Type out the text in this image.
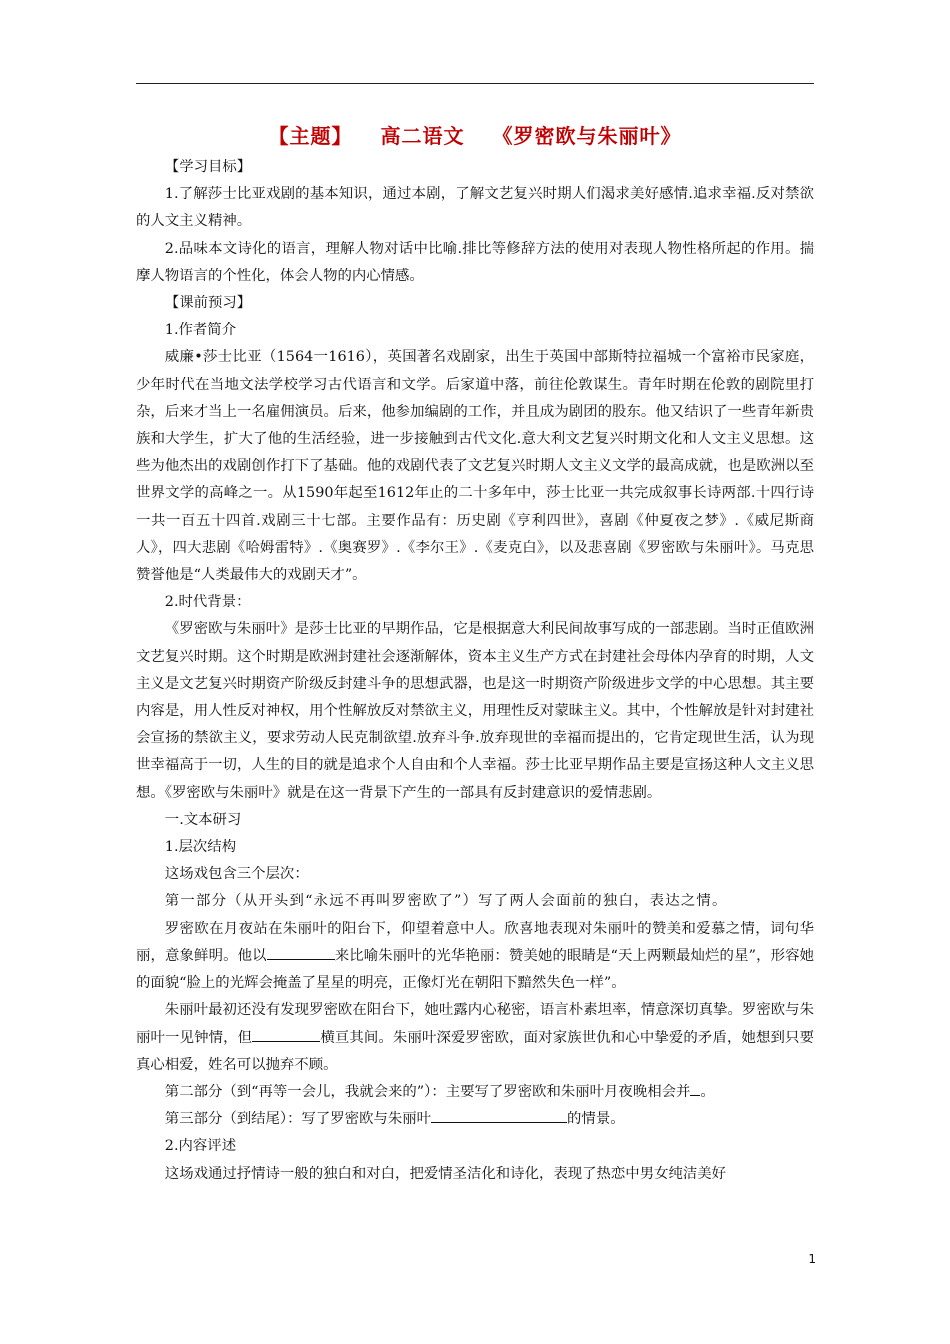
【主题】 高二语文 《罗密欧与朱丽叶》

【学习目标】

1.了解莎士比亚戏剧的基本知识，通过本剧，了解文艺复兴时期人们渴求美好感情.追求幸福.反对禁欲的人文主义精神。

2.品味本文诗化的语言，理解人物对话中比喻.排比等修辞方法的使用对表现人物性格所起的作用。揣摩人物语言的个性化，体会人物的内心情感。

【课前预习】

1.作者简介

威廉•莎士比亚（1564一1616），英国著名戏剧家，出生于英国中部斯特拉福城一个富裕市民家庭，少年时代在当地文法学校学习古代语言和文学。后家道中落，前往伦敦谋生。青年时期在伦敦的剧院里打杂，后来才当上一名雇佣演员。后来，他参加编剧的工作，并且成为剧团的股东。他又结识了一些青年新贵族和大学生，扩大了他的生活经验，进一步接触到古代文化.意大利文艺复兴时期文化和人文主义思想。这些为他杰出的戏剧创作打下了基础。他的戏剧代表了文艺复兴时期人文主义文学的最高成就，也是欧洲以至世界文学的高峰之一。从1590年起至1612年止的二十多年中，莎士比亚一共完成叙事长诗两部.十四行诗一共一百五十四首.戏剧三十七部。主要作品有：历史剧《亨利四世》，喜剧《仲夏夜之梦》.《威尼斯商人》，四大悲剧《哈姆雷特》.《奥赛罗》.《李尔王》.《麦克白》，以及悲喜剧《罗密欧与朱丽叶》。马克思赞誉他是“人类最伟大的戏剧天才”。

2.时代背景：

《罗密欧与朱丽叶》是莎士比亚的早期作品，它是根据意大利民间故事写成的一部悲剧。当时正值欧洲文艺复兴时期。这个时期是欧洲封建社会逐渐解体，资本主义生产方式在封建社会母体内孕育的时期，人文主义是文艺复兴时期资产阶级反封建斗争的思想武器，也是这一时期资产阶级进步文学的中心思想。其主要内容是，用人性反对神权，用个性解放反对禁欲主义，用理性反对蒙昧主义。其中，个性解放是针对封建社会宣扬的禁欲主义，要求劳动人民克制欲望.放弃斗争.放弃现世的幸福而提出的，它肯定现世生活，认为现世幸福高于一切，人生的目的就是追求个人自由和个人幸福。莎士比亚早期作品主要是宣扬这种人文主义思想。《罗密欧与朱丽叶》就是在这一背景下产生的一部具有反封建意识的爱情悲剧。

一.文本研习

1.层次结构

这场戏包含三个层次：

第一部分（从开头到“永远不再叫罗密欧了”）写了两人会面前的独白，表达之情。

罗密欧在月夜站在朱丽叶的阳台下，仰望着意中人。欣喜地表现对朱丽叶的赞美和爱慕之情，词句华丽，意象鲜明。他以	来比喻朱丽叶的光华艳丽：赞美她的眼睛是“天上两颗最灿烂的星”，形容她的面貌“脸上的光辉会掩盖了星星的明亮，正像灯光在朝阳下黯然失色一样”。

朱丽叶最初还没有发现罗密欧在阳台下，她吐露内心秘密，语言朴素坦率，情意深切真挚。罗密欧与朱丽叶一见钟情，但	横亘其间。朱丽叶深爱罗密欧，面对家族世仇和心中挚爱的矛盾，她想到只要真心相爱，姓名可以抛弃不顾。

第二部分（到“再等一会儿，我就会来的”）：主要写了罗密欧和朱丽叶月夜晚相会并 。

第三部分（到结尾）：写了罗密欧与朱丽叶	的情景。

2.内容评述

这场戏通过抒情诗一般的独白和对白，把爱情圣洁化和诗化，表现了热恋中男女纯洁美好

1
